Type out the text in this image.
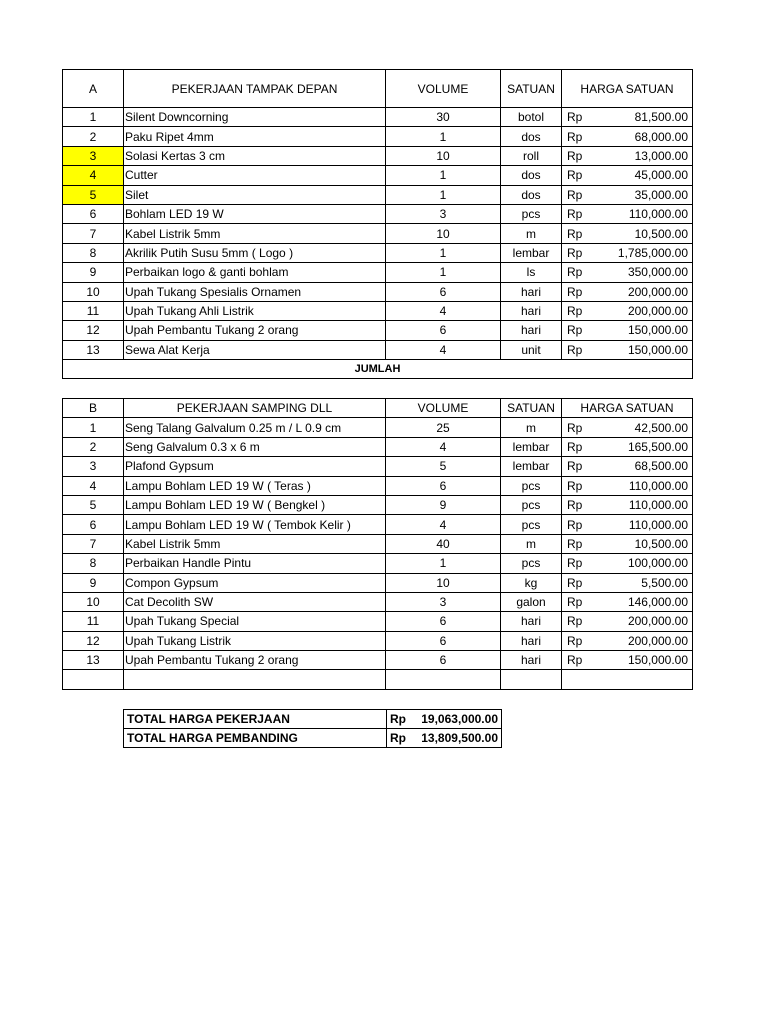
A	PEKERJAAN TAMPAK DEPAN	VOLUME	SATUAN	HARGA SATUAN
1	Silent Downcorning	30	botol	Rp 81,500.00

2	Paku Ripet 4mm	1	dos	Rp 68,000.00

3	Solasi Kertas 3 cm	10	roll	Rp 13,000.00

4	Cutter	1	dos	Rp 45,000.00

5	Silet	1	dos	Rp 35,000.00

6	Bohlam LED 19 W	3	pcs	Rp 110,000.00

7	Kabel Listrik 5mm	10	m	Rp 10,500.00

8	Akrilik Putih Susu 5mm ( Logo )	1	lembar	Rp 1,785,000.00

9	Perbaikan logo & ganti bohlam	1	ls	Rp 350,000.00

10	Upah Tukang Spesialis Ornamen	6	hari	Rp 200,000.00

11	Upah Tukang Ahli Listrik	4	hari	Rp 200,000.00

12	Upah Pembantu Tukang 2 orang	6	hari	Rp 150,000.00

13	Sewa Alat Kerja	4	unit	Rp 150,000.00

JUMLAH				
B	PEKERJAAN SAMPING DLL	VOLUME	SATUAN	HARGA SATUAN
1	Seng Talang Galvalum 0.25 m / L 0.9 cm	25	m	Rp 42,500.00

2	Seng Galvalum 0.3 x 6 m	4	lembar	Rp 165,500.00

3	Plafond Gypsum	5	lembar	Rp 68,500.00

4	Lampu Bohlam LED 19 W ( Teras )	6	pcs	Rp 110,000.00

5	Lampu Bohlam LED 19 W ( Bengkel )	9	pcs	Rp 110,000.00

6	Lampu Bohlam LED 19 W ( Tembok Kelir )	4	pcs	Rp 110,000.00

7	Kabel Listrik 5mm	40	m	Rp 10,500.00

8	Perbaikan Handle Pintu	1	pcs	Rp 100,000.00

9	Compon Gypsum	10	kg	Rp 5,500.00

10	Cat Decolith SW	3	galon	Rp 146,000.00

11	Upah Tukang Special	6	hari	Rp 200,000.00

12	Upah Tukang Listrik	6	hari	Rp 200,000.00

13	Upah Pembantu Tukang 2 orang	6	hari	Rp 150,000.00

TOTAL HARGA PEKERJAAN	Rp 19,063,000.00

TOTAL HARGA PEMBANDING	Rp 13,809,500.00
